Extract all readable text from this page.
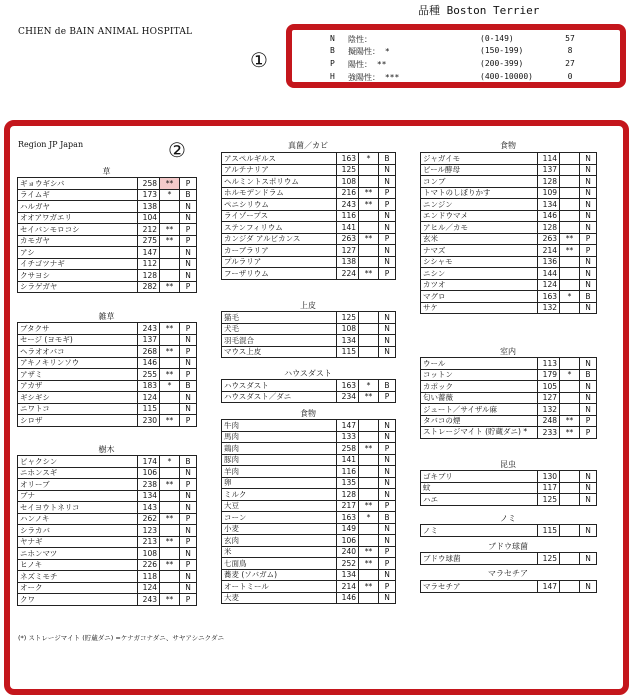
CHIEN de BAIN ANIMAL HOSPITAL
品種 Boston Terrier
①
N 陰性：	(0-149)	57
B 擬陽性： *	(150-199)	8
P 陽性： **	(200-399)	27
H 強陽性： ***	(400-10000)	0
②
Region JP Japan
草
ギョウギシバ	258	**	P
ライムギ	173	*	B
ハルガヤ	138		N
オオアワガエリ	104		N
セイバンモロコシ	212	**	P
カモガヤ	275	**	P
アシ	147		N
イチゴツナギ	112		N
クサヨシ	128		N
シラゲガヤ	282	**	P
雑草
ブタクサ	243	**	P
セージ (ヨモギ)	137		N
ヘラオオバコ	268	**	P
アキノキリンソウ	146		N
アザミ	255	**	P
アカザ	183	*	B
ギシギシ	124		N
ニワトコ	115		N
シロザ	230	**	P
樹木
ビャクシン	174	*	B
ニホンスギ	106		N
オリーブ	238	**	P
ブナ	134		N
セイヨウトネリコ	143		N
ハンノキ	262	**	P
シラカバ	123		N
ヤナギ	213	**	P
ニホンマツ	108		N
ヒノキ	226	**	P
ネズミモチ	118		N
オーク	124		N
クワ	243	**	P
真菌／カビ
アスペルギルス	163	*	B
アルテナリア	125		N
ヘルミントスポリウム	108		N
ホルモデンドラム	216	**	P
ペニシリウム	243	**	P
ライゾープス	116		N
ステンフィリウム	141		N
カンジダ アルビカンス	263	**	P
カーブラリア	127		N
プルラリア	138		N
フーザリウム	224	**	P
上皮
猫毛	125		N
犬毛	108		N
羽毛混合	134		N
マウス上皮	115		N
ハウスダスト
ハウスダスト	163	*	B
ハウスダスト／ダニ	234	**	P
食物
牛肉	147		N
馬肉	133		N
鶏肉	258	**	P
豚肉	141		N
羊肉	116		N
卵	135		N
ミルク	128		N
大豆	217	**	P
コーン	163	*	B
小麦	149		N
玄肉	106		N
米	240	**	P
七面鳥	252	**	P
蕎麦 (ソバガム)	134		N
オートミール	214	**	P
大麦	146		N
食物
ジャガイモ	114		N
ビール酵母	137		N
コンブ	128		N
トマトのしぼりかす	109		N
ニンジン	134		N
エンドウマメ	146		N
アヒル／カモ	128		N
玄米	263	**	P
ナマズ	214	**	P
シシャモ	136		N
ニシン	144		N
カツオ	124		N
マグロ	163	*	B
サケ	132		N
室内
ウール	113		N
コットン	179	*	B
カポック	105		N
匂い薔薇	127		N
ジュート／サイザル麻	132		N
タバコの煙	248	**	P
ストレージマイト (貯蔵ダニ) *	233	**	P
昆虫
ゴキブリ	130		N
蚊	117		N
ハエ	125		N
ノミ
ノミ	115		N
ブドウ球菌
ブドウ球菌	125		N
マラセチア
マラセチア	147		N
(*) ストレージマイト (貯蔵ダニ) =ケナガコナダニ、サヤアシニクダニ
